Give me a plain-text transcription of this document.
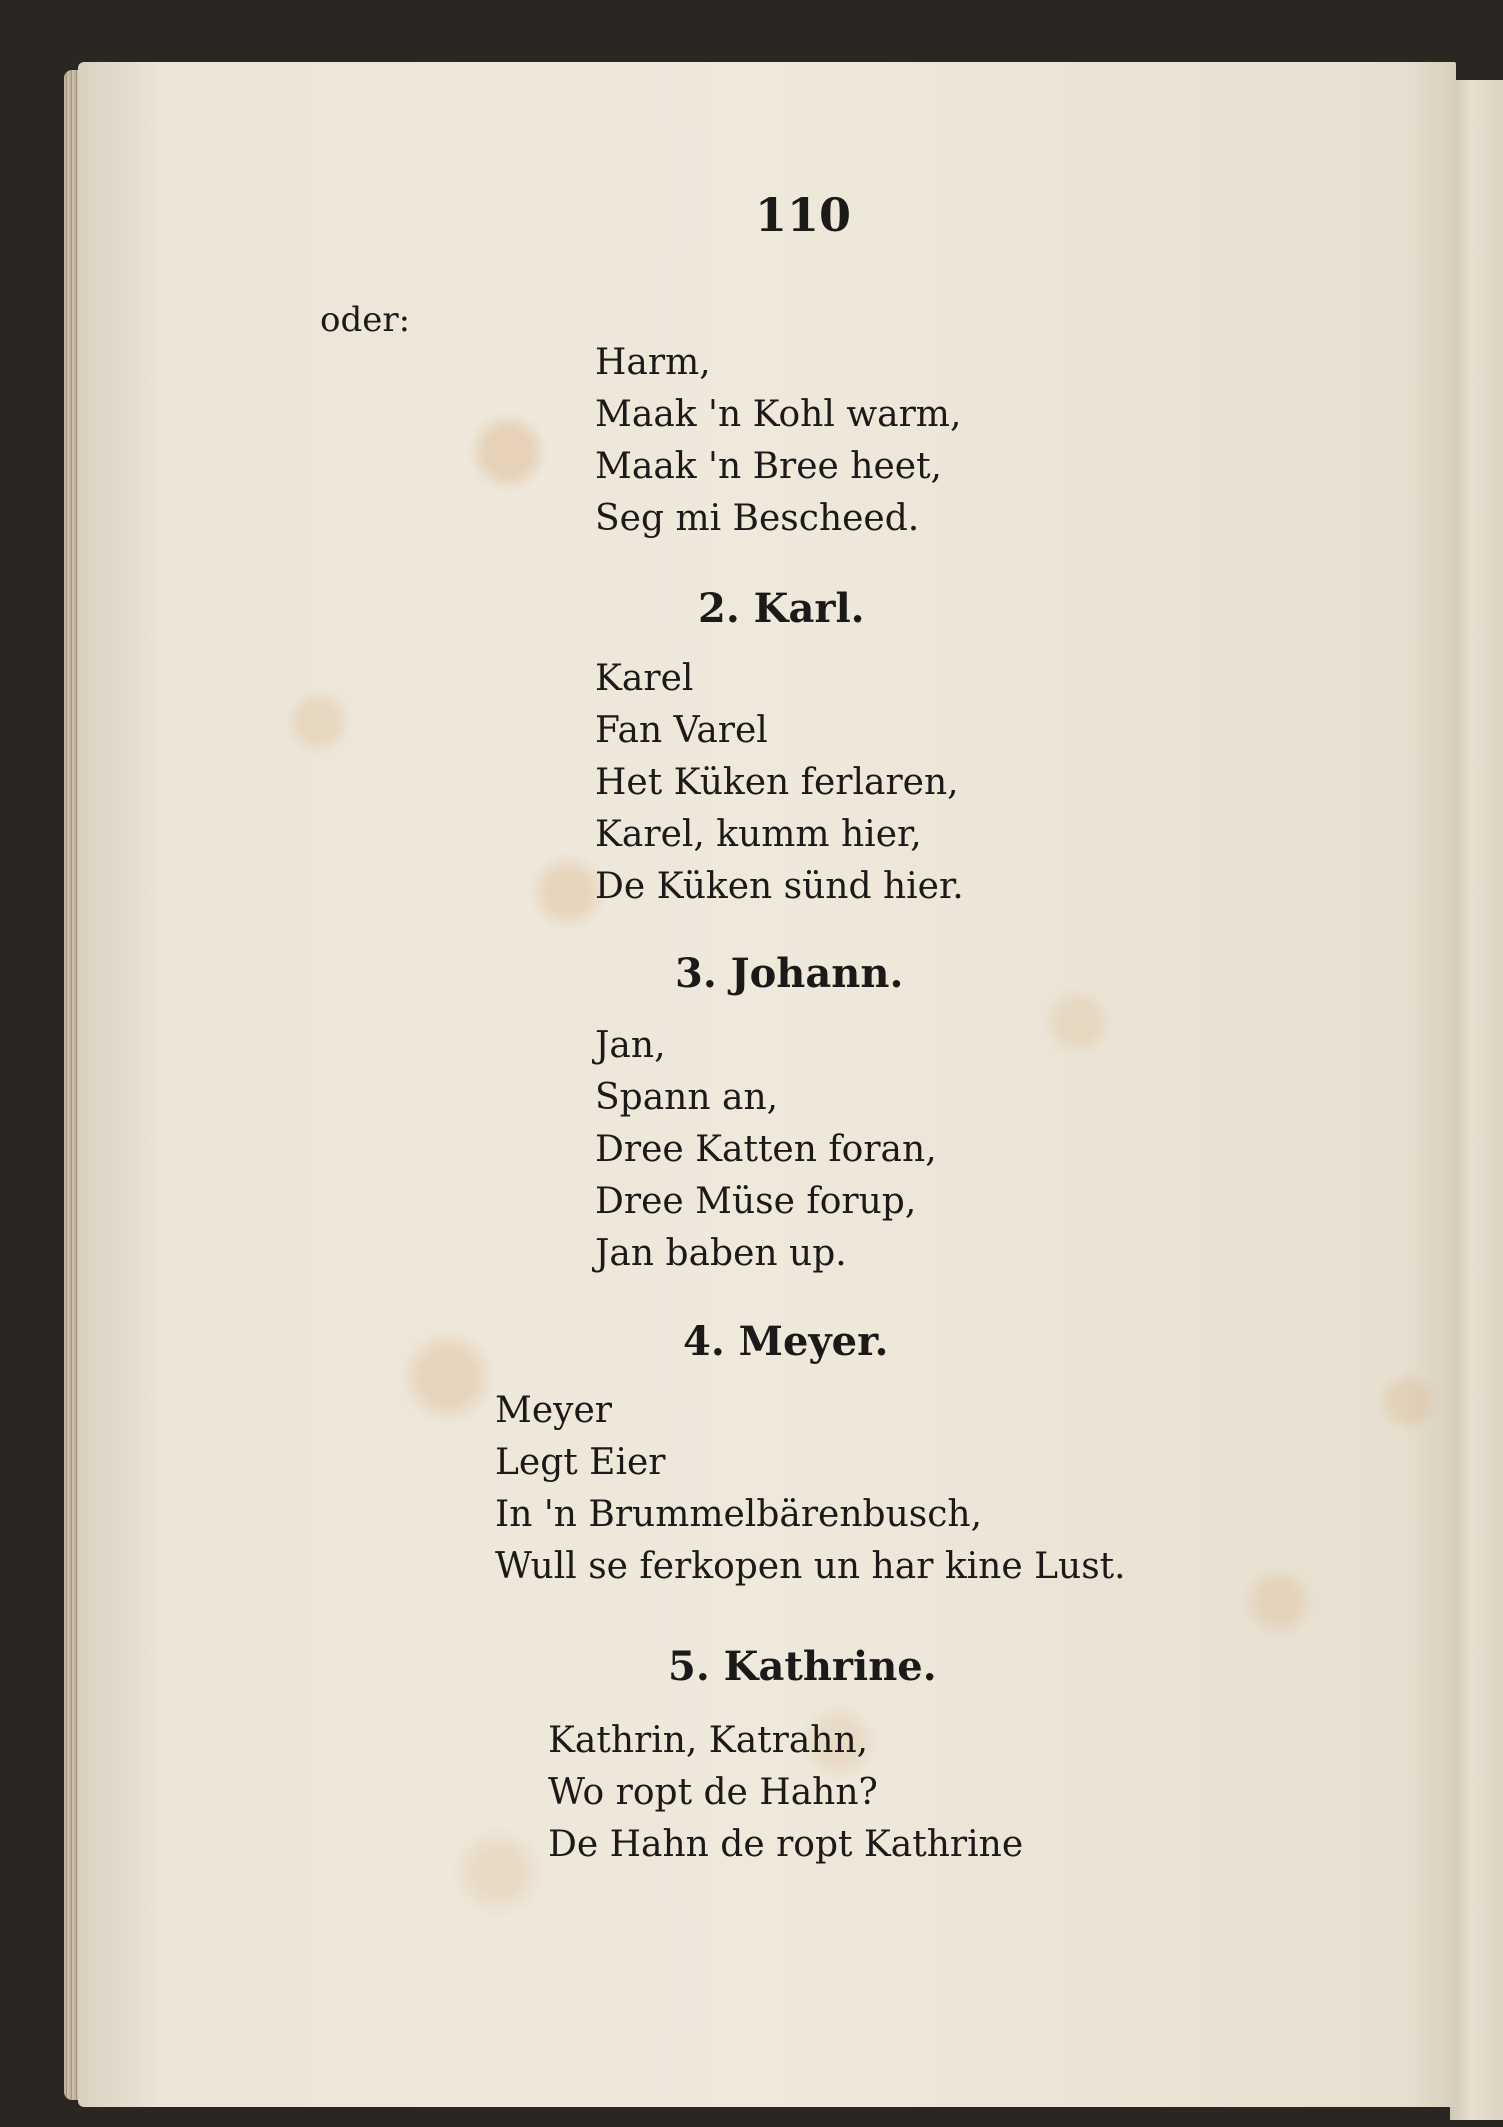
110
oder:
Harm,
Maak 'n Kohl warm,
Maak 'n Bree heet,
Seg mi Bescheed.
2. Karl.
Karel
Fan Varel
Het Küken ferlaren,
Karel, kumm hier,
De Küken sünd hier.
3. Johann.
Jan,
Spann an,
Dree Katten foran,
Dree Müse forup,
Jan baben up.
4. Meyer.
Meyer
Legt Eier
In 'n Brummelbärenbusch,
Wull se ferkopen un har kine Lust.
5. Kathrine.
Kathrin, Katrahn,
Wo ropt de Hahn?
De Hahn de ropt Kathrine
